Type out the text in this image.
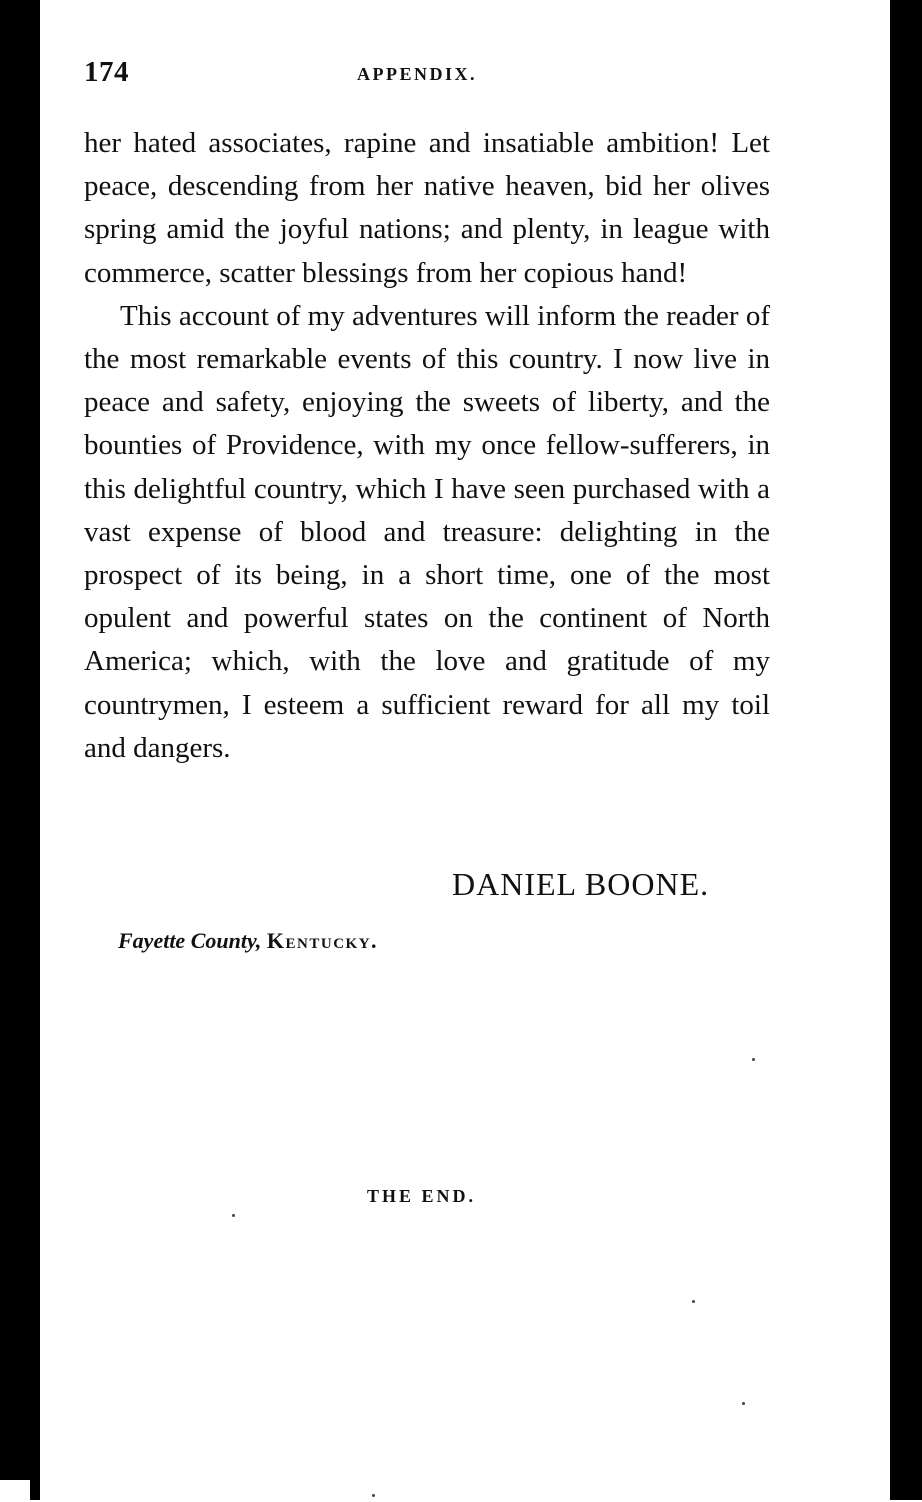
174	APPENDIX.

her hated associates, rapine and insatiable ambition! Let peace, descending from her native heaven, bid her olives spring amid the joyful nations; and plenty, in league with commerce, scatter blessings from her copious hand!

This account of my adventures will inform the reader of the most remarkable events of this country. I now live in peace and safety, enjoying the sweets of liberty, and the bounties of Providence, with my once fellow-sufferers, in this delightful country, which I have seen purchased with a vast expense of blood and treasure: delighting in the prospect of its being, in a short time, one of the most opulent and powerful states on the continent of North America; which, with the love and gratitude of my countrymen, I esteem a sufficient reward for all my toil and dangers.

DANIEL BOONE.
Fayette County, Kentucky.
THE END.
